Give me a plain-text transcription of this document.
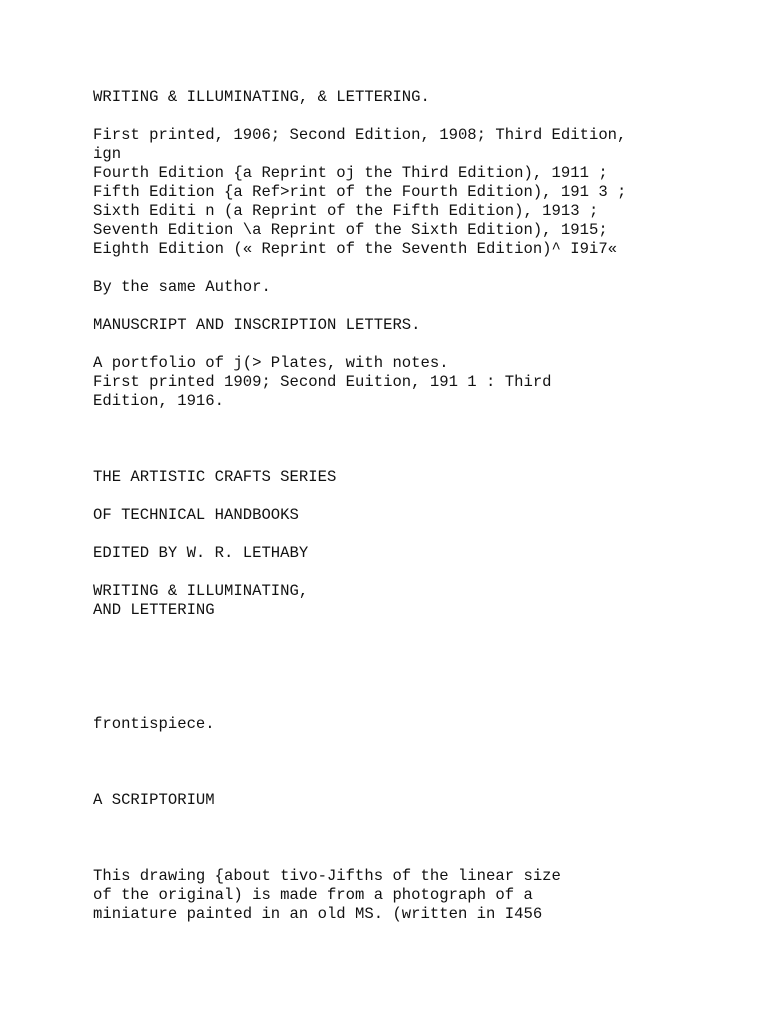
WRITING & ILLUMINATING, & LETTERING.

First printed, 1906; Second Edition, 1908; Third Edition,
ign
Fourth Edition {a Reprint oj the Third Edition), 1911 ;
Fifth Edition {a Ref>rint of the Fourth Edition), 191 3 ;
Sixth Editi n (a Reprint of the Fifth Edition), 1913 ;
Seventh Edition \a Reprint of the Sixth Edition), 1915;
Eighth Edition (« Reprint of the Seventh Edition)^ I9i7«

By the same Author.

MANUSCRIPT AND INSCRIPTION LETTERS.

A portfolio of j(> Plates, with notes.
First printed 1909; Second Euition, 191 1 : Third
Edition, 1916.

THE ARTISTIC CRAFTS SERIES

OF TECHNICAL HANDBOOKS

EDITED BY W. R. LETHABY

WRITING & ILLUMINATING,
AND LETTERING

frontispiece.

A SCRIPTORIUM

This drawing {about tivo-Jifths of the linear size
of the original) is made from a photograph of a
miniature painted in an old MS. (written in I456
